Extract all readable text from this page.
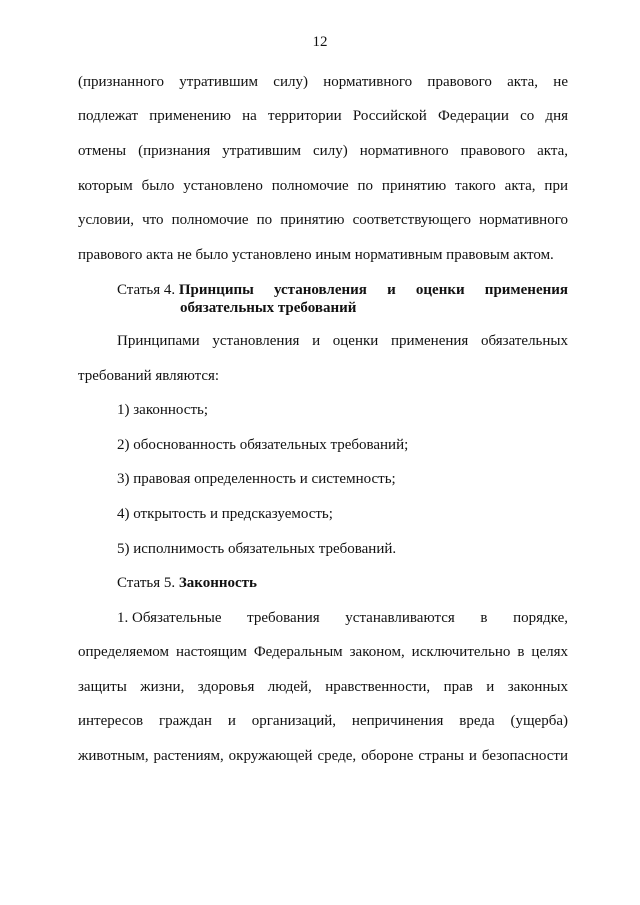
12
(признанного утратившим силу) нормативного правового акта, не
подлежат применению на территории Российской Федерации со дня
отмены (признания утратившим силу) нормативного правового акта,
которым было установлено полномочие по принятию такого акта, при
условии, что полномочие по принятию соответствующего нормативного
правового акта не было установлено иным нормативным правовым актом.
Статья 4. Принципы установления и оценки применения
обязательных требований
Принципами установления и оценки применения обязательных
требований являются:
1) законность;
2) обоснованность обязательных требований;
3) правовая определенность и системность;
4) открытость и предсказуемость;
5) исполнимость обязательных требований.
Статья 5. Законность
1. Обязательные требования устанавливаются в порядке,
определяемом настоящим Федеральным законом, исключительно в целях
защиты жизни, здоровья людей, нравственности, прав и законных
интересов граждан и организаций, непричинения вреда (ущерба)
животным, растениям, окружающей среде, обороне страны и безопасности
